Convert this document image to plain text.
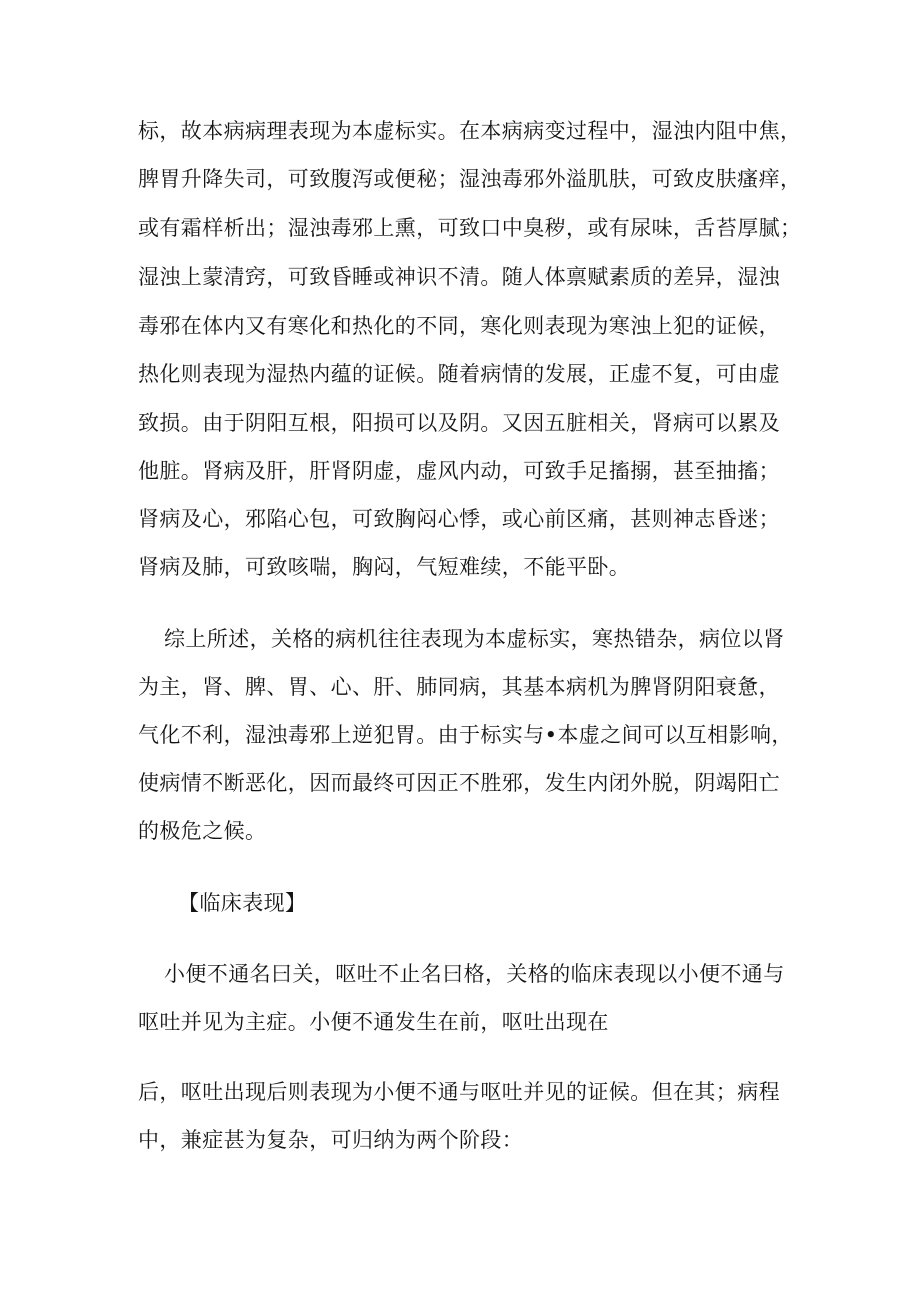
标，故本病病理表现为本虚标实。在本病病变过程中，湿浊内阻中焦，
脾胃升降失司，可致腹泻或便秘；湿浊毒邪外溢肌肤，可致皮肤瘙痒，
或有霜样析出；湿浊毒邪上熏，可致口中臭秽，或有尿味，舌苔厚腻；
湿浊上蒙清窍，可致昏睡或神识不清。随人体禀赋素质的差异，湿浊
毒邪在体内又有寒化和热化的不同，寒化则表现为寒浊上犯的证候，
热化则表现为湿热内蕴的证候。随着病情的发展，正虚不复，可由虚
致损。由于阴阳互根，阳损可以及阴。又因五脏相关，肾病可以累及
他脏。肾病及肝，肝肾阴虚，虚风内动，可致手足搐搦，甚至抽搐；
肾病及心，邪陷心包，可致胸闷心悸，或心前区痛，甚则神志昏迷；
肾病及肺，可致咳喘，胸闷，气短难续，不能平卧。
综上所述，关格的病机往往表现为本虚标实，寒热错杂，病位以肾
为主，肾、脾、胃、心、肝、肺同病，其基本病机为脾肾阴阳衰惫，
气化不利，湿浊毒邪上逆犯胃。由于标实与•本虚之间可以互相影响，
使病情不断恶化，因而最终可因正不胜邪，发生内闭外脱，阴竭阳亡
的极危之候。
【临床表现】
小便不通名曰关，呕吐不止名曰格，关格的临床表现以小便不通与
呕吐并见为主症。小便不通发生在前，呕吐出现在
后，呕吐出现后则表现为小便不通与呕吐并见的证候。但在其；病程
中，兼症甚为复杂，可归纳为两个阶段：
